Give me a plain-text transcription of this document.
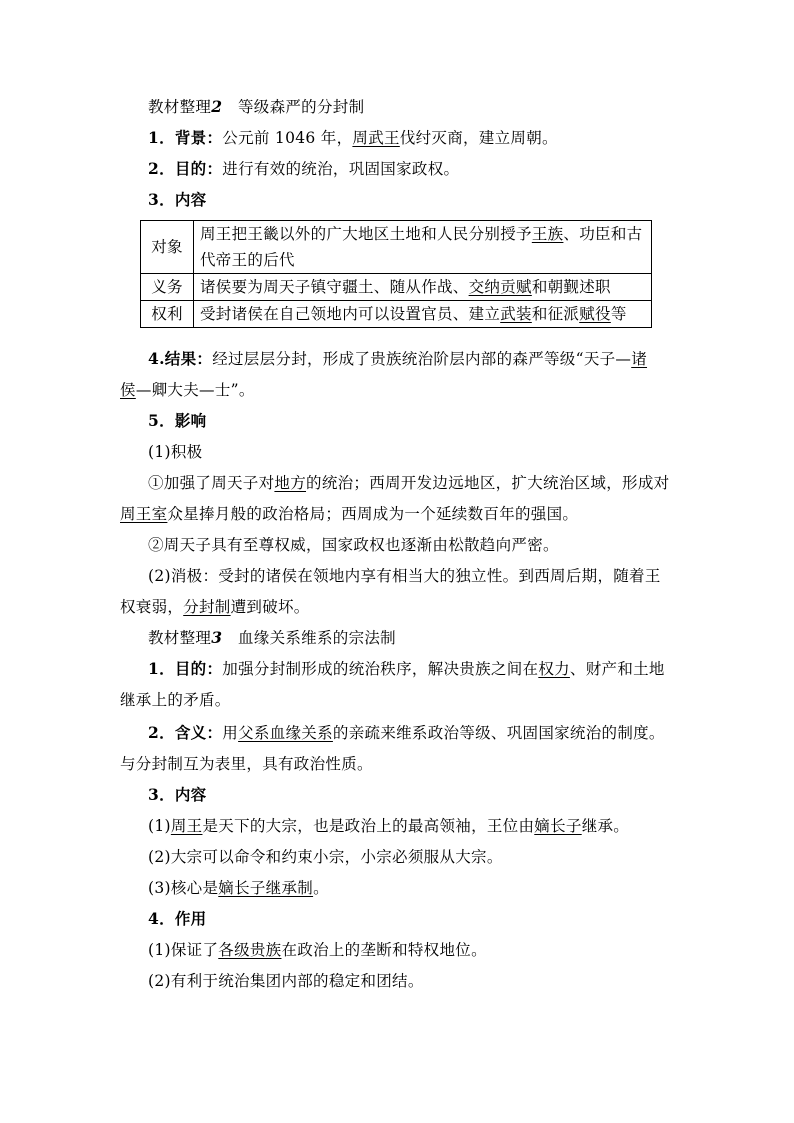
教材整理2 等级森严的分封制
1．背景：公元前 1046 年，周武王伐纣灭商，建立周朝。
2．目的：进行有效的统治，巩固国家政权。
3．内容
对象	周王把王畿以外的广大地区土地和人民分别授予王族、功臣和古代帝王的后代
义务	诸侯要为周天子镇守疆土、随从作战、交纳贡赋和朝觐述职
权利	受封诸侯在自己领地内可以设置官员、建立武装和征派赋役等
4.结果：经过层层分封，形成了贵族统治阶层内部的森严等级“天子—诸
侯—卿大夫—士”。
5．影响
(1)积极
①加强了周天子对地方的统治；西周开发边远地区，扩大统治区域，形成对
周王室众星捧月般的政治格局；西周成为一个延续数百年的强国。
②周天子具有至尊权威，国家政权也逐渐由松散趋向严密。
(2)消极：受封的诸侯在领地内享有相当大的独立性。到西周后期，随着王
权衰弱，分封制遭到破坏。
教材整理3 血缘关系维系的宗法制
1．目的：加强分封制形成的统治秩序，解决贵族之间在权力、财产和土地
继承上的矛盾。
2．含义：用父系血缘关系的亲疏来维系政治等级、巩固国家统治的制度。
与分封制互为表里，具有政治性质。
3．内容
(1)周王是天下的大宗，也是政治上的最高领袖，王位由嫡长子继承。
(2)大宗可以命令和约束小宗，小宗必须服从大宗。
(3)核心是嫡长子继承制。
4．作用
(1)保证了各级贵族在政治上的垄断和特权地位。
(2)有利于统治集团内部的稳定和团结。
